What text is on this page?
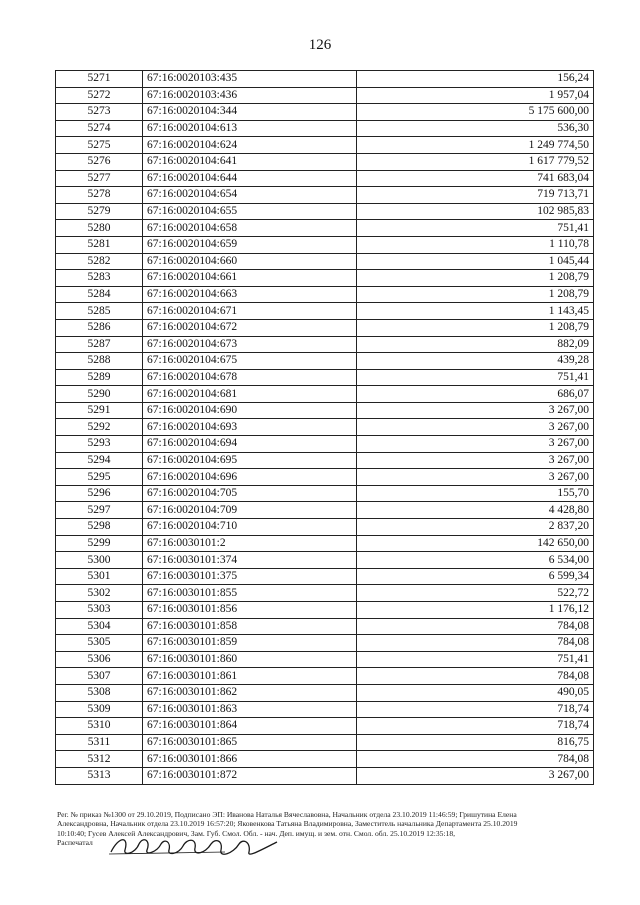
126
5271	67:16:0020103:435	156,24
5272	67:16:0020103:436	1 957,04
5273	67:16:0020104:344	5 175 600,00
5274	67:16:0020104:613	536,30
5275	67:16:0020104:624	1 249 774,50
5276	67:16:0020104:641	1 617 779,52
5277	67:16:0020104:644	741 683,04
5278	67:16:0020104:654	719 713,71
5279	67:16:0020104:655	102 985,83
5280	67:16:0020104:658	751,41
5281	67:16:0020104:659	1 110,78
5282	67:16:0020104:660	1 045,44
5283	67:16:0020104:661	1 208,79
5284	67:16:0020104:663	1 208,79
5285	67:16:0020104:671	1 143,45
5286	67:16:0020104:672	1 208,79
5287	67:16:0020104:673	882,09
5288	67:16:0020104:675	439,28
5289	67:16:0020104:678	751,41
5290	67:16:0020104:681	686,07
5291	67:16:0020104:690	3 267,00
5292	67:16:0020104:693	3 267,00
5293	67:16:0020104:694	3 267,00
5294	67:16:0020104:695	3 267,00
5295	67:16:0020104:696	3 267,00
5296	67:16:0020104:705	155,70
5297	67:16:0020104:709	4 428,80
5298	67:16:0020104:710	2 837,20
5299	67:16:0030101:2	142 650,00
5300	67:16:0030101:374	6 534,00
5301	67:16:0030101:375	6 599,34
5302	67:16:0030101:855	522,72
5303	67:16:0030101:856	1 176,12
5304	67:16:0030101:858	784,08
5305	67:16:0030101:859	784,08
5306	67:16:0030101:860	751,41
5307	67:16:0030101:861	784,08
5308	67:16:0030101:862	490,05
5309	67:16:0030101:863	718,74
5310	67:16:0030101:864	718,74
5311	67:16:0030101:865	816,75
5312	67:16:0030101:866	784,08
5313	67:16:0030101:872	3 267,00

Рег. № приказ №1300 от 29.10.2019, Подписано ЭП: Иванова Наталья Вячеславовна, Начальник отдела 23.10.2019 11:46:59; Гришутина Елена

Александровна, Начальник отдела 23.10.2019 16:57:20; Яковенкова Татьяна Владимировна, Заместитель начальника Департамента 25.10.2019

10:10:40; Гусев Алексей Александрович, Зам. Губ. Смол. Обл. - нач. Деп. имущ. и зем. отн. Смол. обл. 25.10.2019 12:35:18,

Распечатал
